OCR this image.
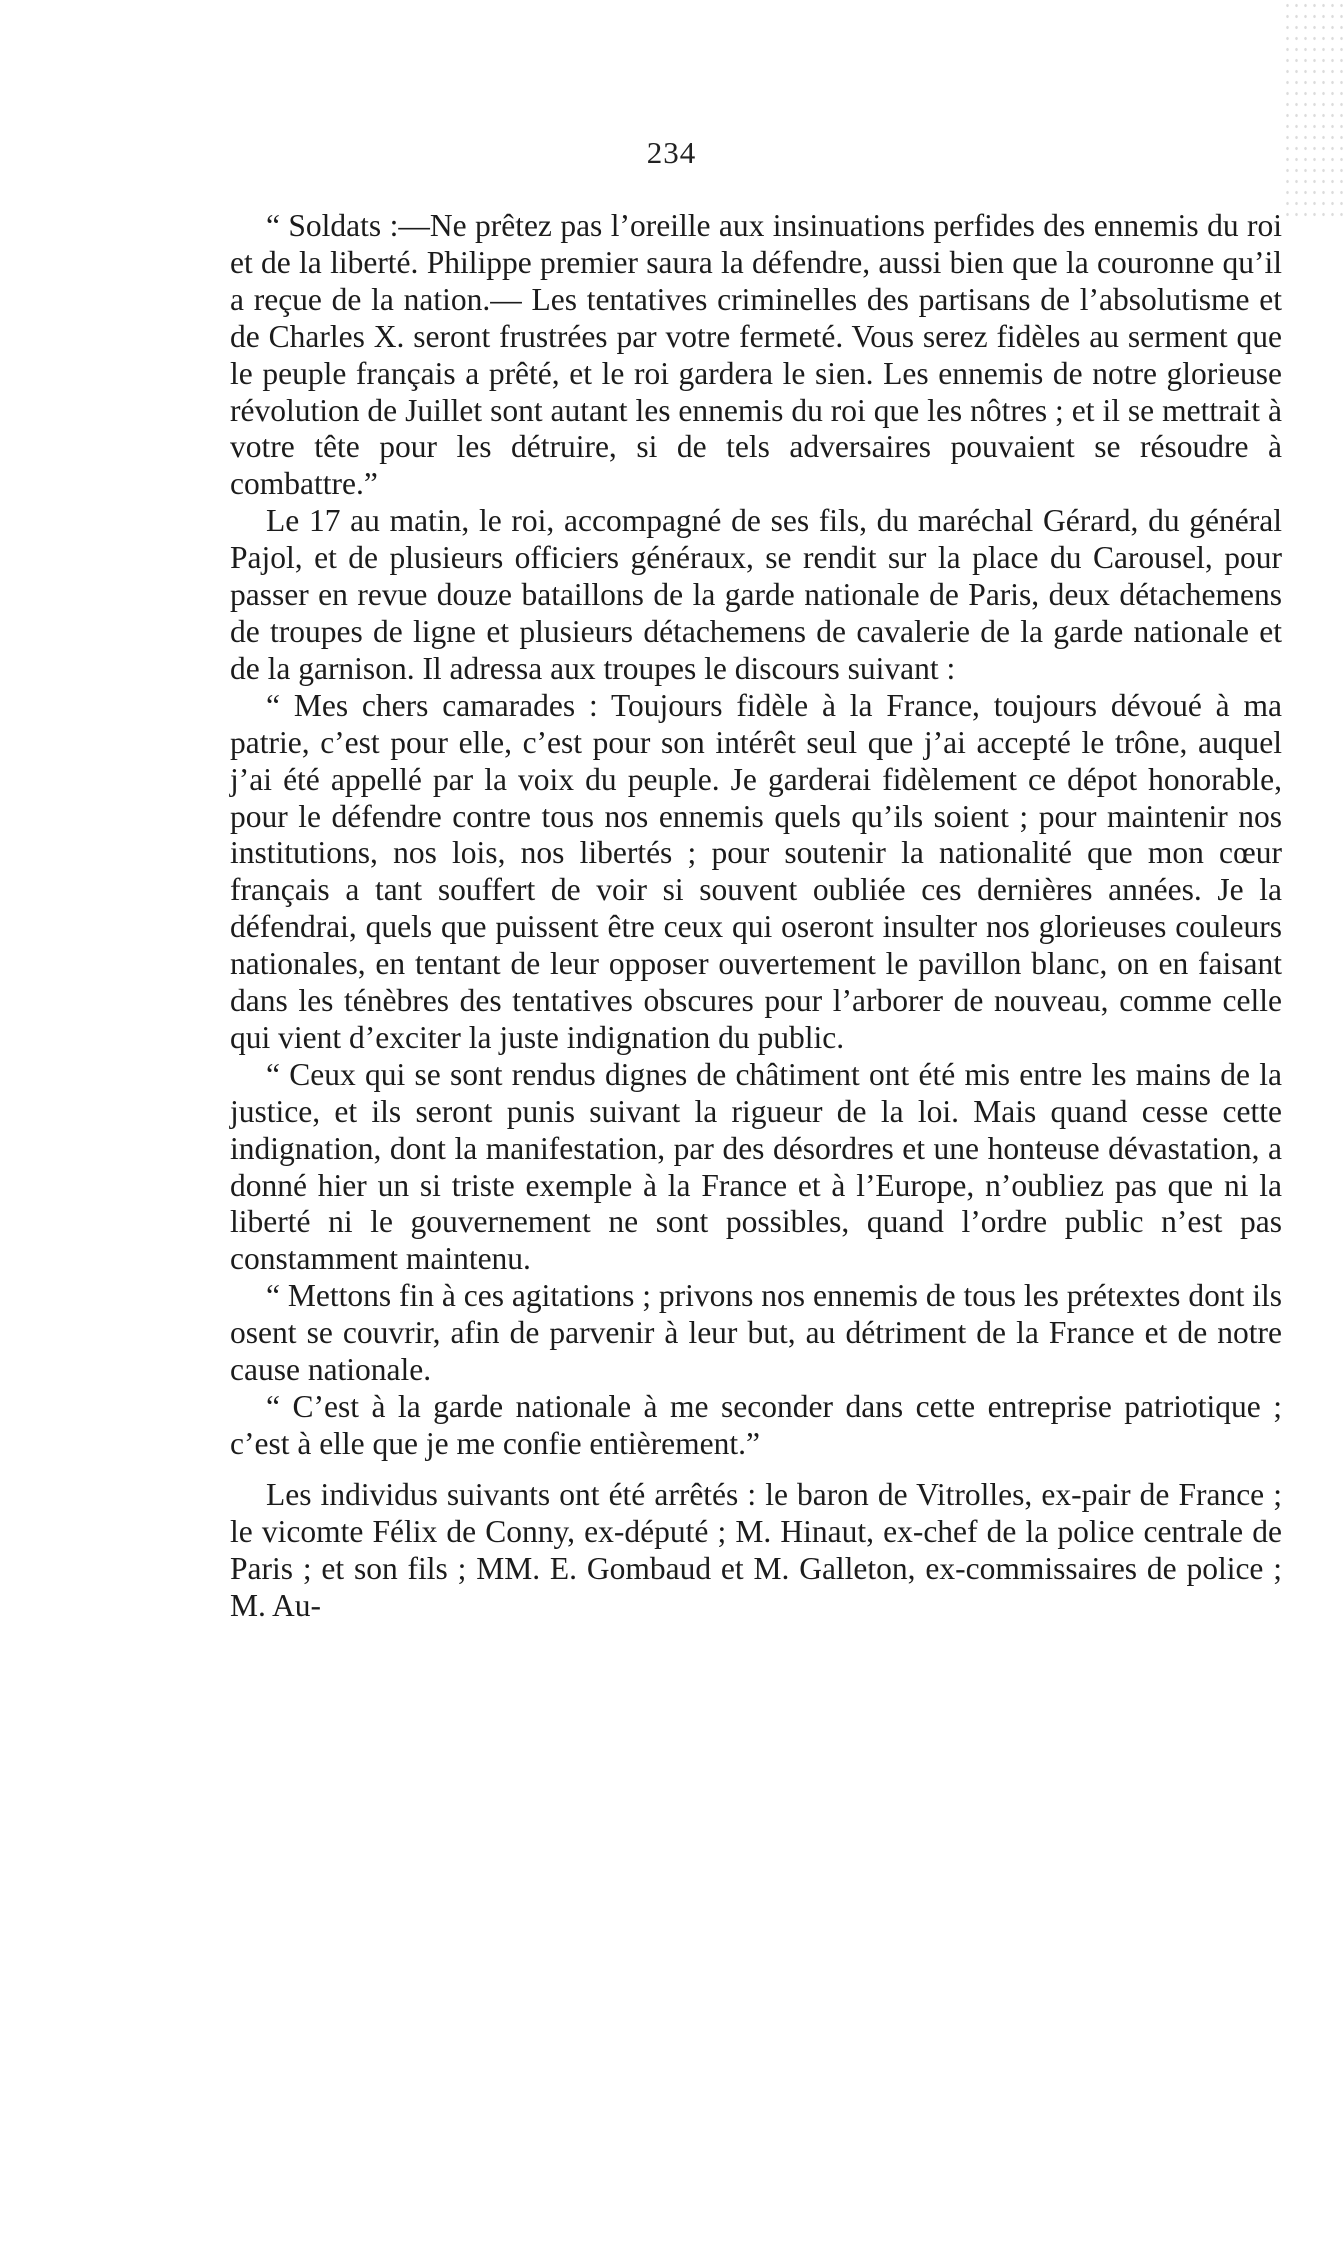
234

“ Soldats :—Ne prêtez pas l’oreille aux insinuations perfides des ennemis du roi et de la liberté. Philippe premier saura la défendre, aussi bien que la couronne qu’il a reçue de la nation.— Les tentatives criminelles des partisans de l’absolutisme et de Charles X. seront frustrées par votre fermeté. Vous serez fidèles au serment que le peuple français a prêté, et le roi gardera le sien. Les ennemis de notre glorieuse révolution de Juillet sont autant les ennemis du roi que les nôtres ; et il se mettrait à votre tête pour les détruire, si de tels adversaires pouvaient se résoudre à combattre.”

Le 17 au matin, le roi, accompagné de ses fils, du maréchal Gérard, du général Pajol, et de plusieurs officiers généraux, se rendit sur la place du Carousel, pour passer en revue douze bataillons de la garde nationale de Paris, deux détachemens de troupes de ligne et plusieurs détachemens de cavalerie de la garde nationale et de la garnison. Il adressa aux troupes le discours suivant :

“ Mes chers camarades : Toujours fidèle à la France, toujours dévoué à ma patrie, c’est pour elle, c’est pour son intérêt seul que j’ai accepté le trône, auquel j’ai été appellé par la voix du peuple. Je garderai fidèlement ce dépot honorable, pour le défendre contre tous nos ennemis quels qu’ils soient ; pour maintenir nos institutions, nos lois, nos libertés ; pour soutenir la nationalité que mon cœur français a tant souffert de voir si souvent oubliée ces dernières années. Je la défendrai, quels que puissent être ceux qui oseront insulter nos glorieuses couleurs nationales, en tentant de leur opposer ouvertement le pavillon blanc, on en faisant dans les ténèbres des tentatives obscures pour l’arborer de nouveau, comme celle qui vient d’exciter la juste indignation du public.

“ Ceux qui se sont rendus dignes de châtiment ont été mis entre les mains de la justice, et ils seront punis suivant la rigueur de la loi. Mais quand cesse cette indignation, dont la manifestation, par des désordres et une honteuse dévastation, a donné hier un si triste exemple à la France et à l’Europe, n’oubliez pas que ni la liberté ni le gouvernement ne sont possibles, quand l’ordre public n’est pas constamment maintenu.

“ Mettons fin à ces agitations ; privons nos ennemis de tous les prétextes dont ils osent se couvrir, afin de parvenir à leur but, au détriment de la France et de notre cause nationale.

“ C’est à la garde nationale à me seconder dans cette entreprise patriotique ; c’est à elle que je me confie entièrement.”

Les individus suivants ont été arrêtés : le baron de Vitrolles, ex-pair de France ; le vicomte Félix de Conny, ex-député ; M. Hinaut, ex-chef de la police centrale de Paris ; et son fils ; MM. E. Gombaud et M. Galleton, ex-commissaires de police ; M. Au-
